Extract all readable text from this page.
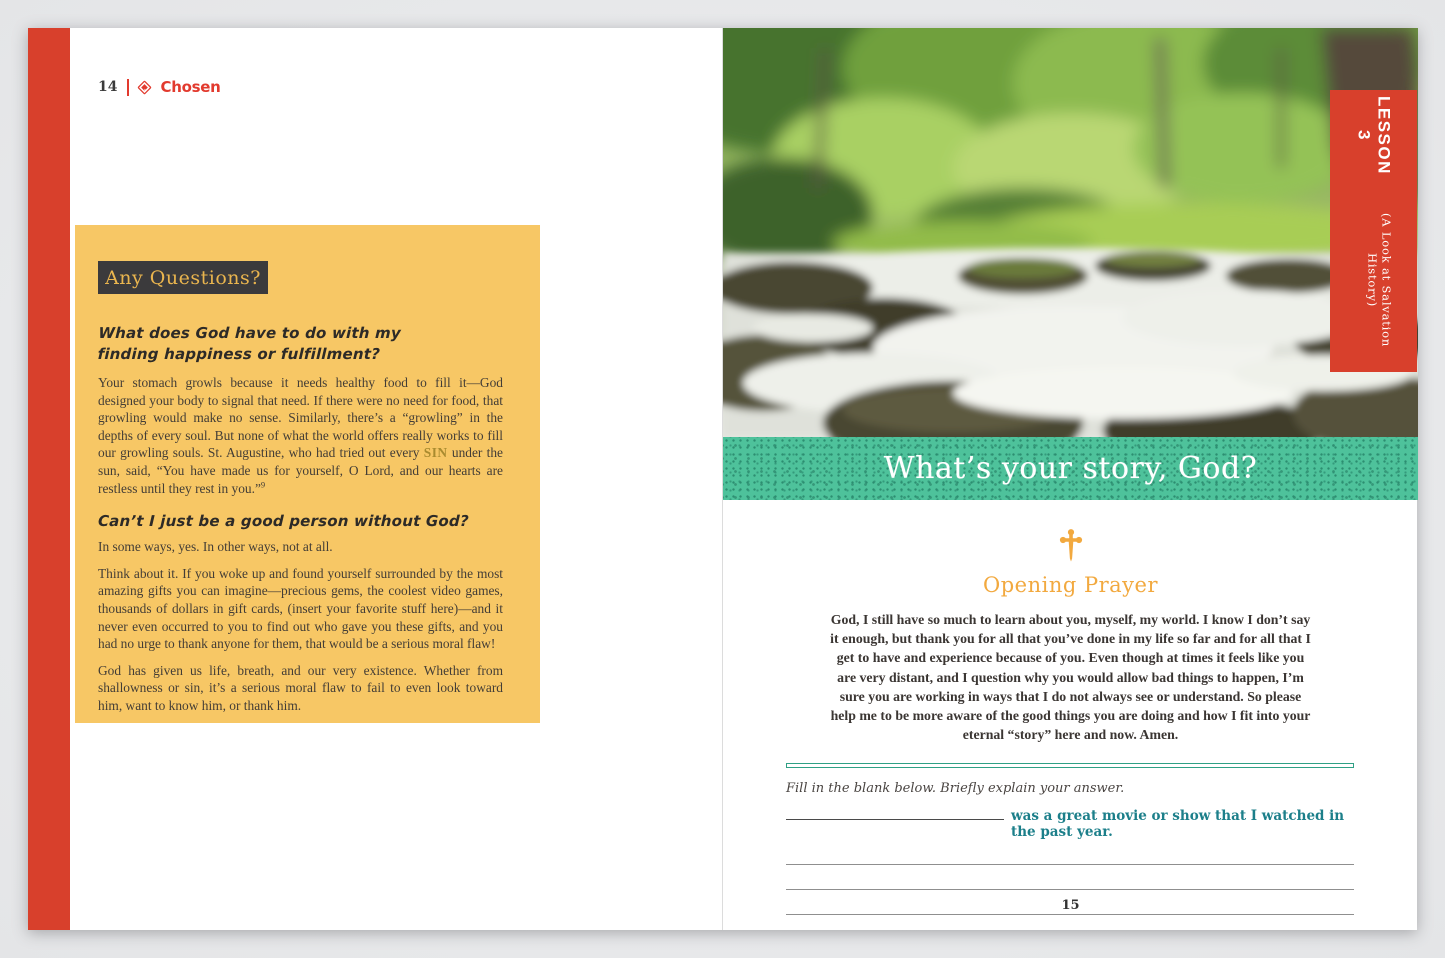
14	Chosen
Any Questions?
What does God have to do with my finding happiness or fulfillment?

Your stomach growls because it needs healthy food to fill it—God designed your body to signal that need. If there were no need for food, that growling would make no sense. Similarly, there’s a “growling” in the depths of every soul. But none of what the world offers really works to fill our growling souls. St. Augustine, who had tried out every SIN under the sun, said, “You have made us for yourself, O Lord, and our hearts are restless until they rest in you.”$^9$

Can’t I just be a good person without God?

In some ways, yes. In other ways, not at all.

Think about it. If you woke up and found yourself surrounded by the most amazing gifts you can imagine—precious gems, the coolest video games, thousands of dollars in gift cards, (insert your favorite stuff here)—and it never even occurred to you to find out who gave you these gifts, and you had no urge to thank anyone for them, that would be a serious moral flaw!

God has given us life, breath, and our very existence. Whether from shallowness or sin, it’s a serious moral flaw to fail to even look toward him, want to know him, or thank him.

What’s your story, God?
Opening Prayer
God, I still have so much to learn about you, myself, my world. I know I don’t say it enough, but thank you for all that you’ve done in my life so far and for all that I get to have and experience because of you. Even though at times it feels like you are very distant, and I question why you would allow bad things to happen, I’m sure you are working in ways that I do not always see or understand. So please help me to be more aware of the good things you are doing and how I fit into your eternal “story” here and now. Amen.
Fill in the blank below. Briefly explain your answer.
was a great movie or show that I watched in the past year.
15
LESSON 3
(A Look at Salvation History)
